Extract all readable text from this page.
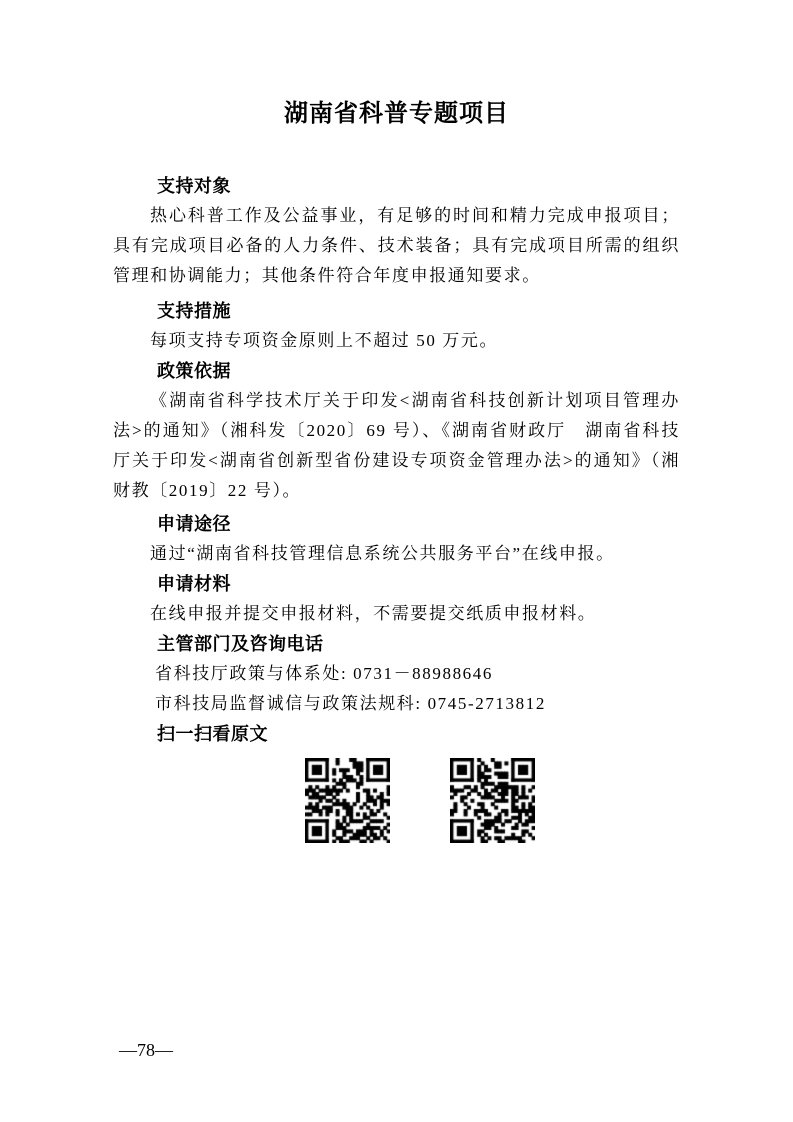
湖南省科普专题项目
支持对象

热心科普工作及公益事业，有足够的时间和精力完成申报项目；具有完成项目必备的人力条件、技术装备；具有完成项目所需的组织管理和协调能力；其他条件符合年度申报通知要求。

支持措施

每项支持专项资金原则上不超过 50 万元。

政策依据

《湖南省科学技术厅关于印发<湖南省科技创新计划项目管理办法>的通知》（湘科发〔2020〕69 号）、《湖南省财政厅　湖南省科技厅关于印发<湖南省创新型省份建设专项资金管理办法>的通知》（湘财教〔2019〕22 号）。

申请途径

通过“湖南省科技管理信息系统公共服务平台”在线申报。

申请材料

在线申报并提交申报材料，不需要提交纸质申报材料。

主管部门及咨询电话

省科技厅政策与体系处: 0731－88988646

市科技局监督诚信与政策法规科: 0745-2713812

扫一扫看原文
—78—
